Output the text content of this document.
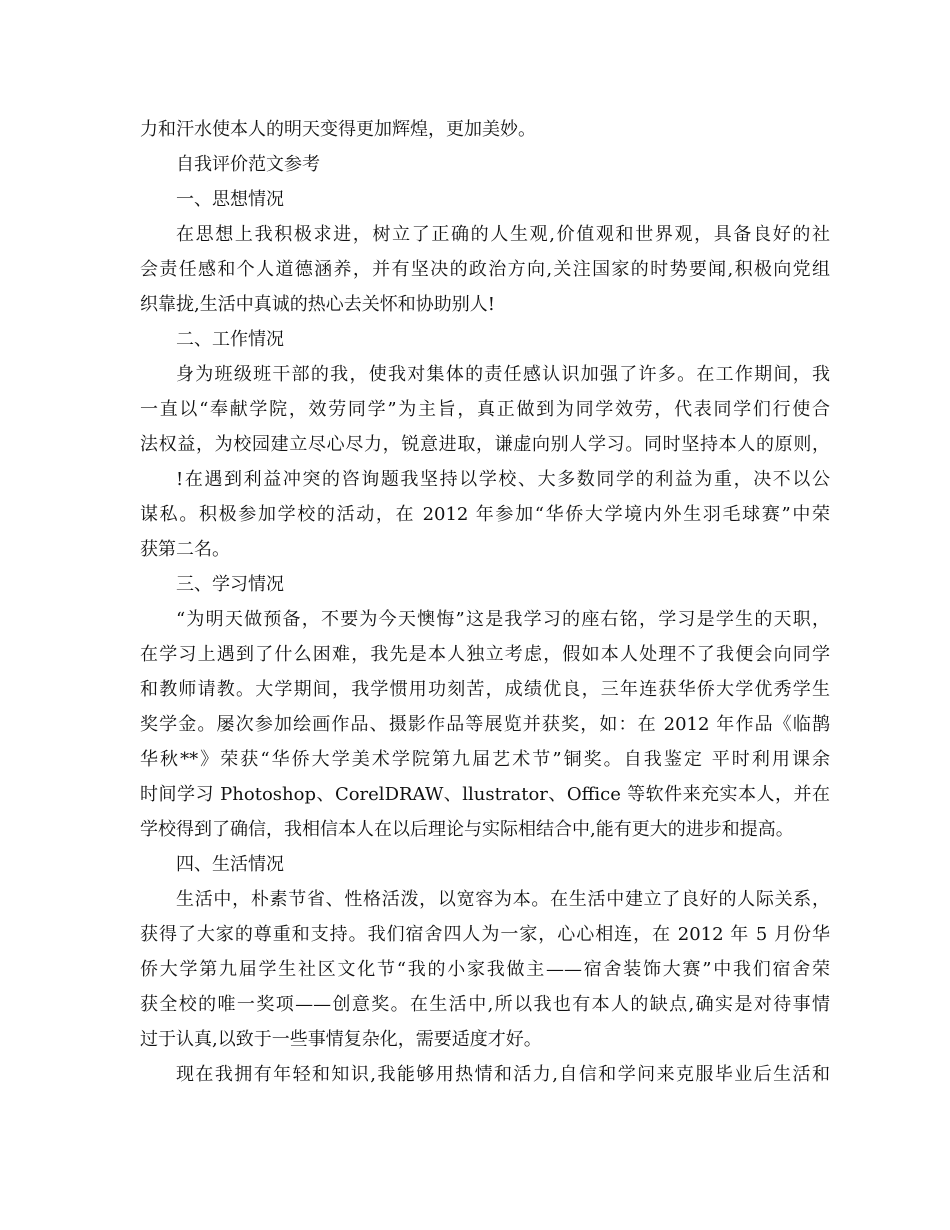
力和汗水使本人的明天变得更加辉煌，更加美妙。
自我评价范文参考
一、思想情况
在思想上我积极求进，树立了正确的人生观,价值观和世界观，具备良好的社
会责任感和个人道德涵养，并有坚决的政治方向,关注国家的时势要闻,积极向党组
织靠拢,生活中真诚的热心去关怀和协助别人!
二、工作情况
身为班级班干部的我，使我对集体的责任感认识加强了许多。在工作期间，我
一直以“奉献学院，效劳同学”为主旨，真正做到为同学效劳，代表同学们行使合
法权益，为校园建立尽心尽力，锐意进取，谦虚向别人学习。同时坚持本人的原则，
!在遇到利益冲突的咨询题我坚持以学校、大多数同学的利益为重，决不以公
谋私。积极参加学校的活动，在 2012 年参加“华侨大学境内外生羽毛球赛”中荣
获第二名。
三、学习情况
“为明天做预备，不要为今天懊悔”这是我学习的座右铭，学习是学生的天职，
在学习上遇到了什么困难，我先是本人独立考虑，假如本人处理不了我便会向同学
和教师请教。大学期间，我学惯用功刻苦，成绩优良，三年连获华侨大学优秀学生
奖学金。屡次参加绘画作品、摄影作品等展览并获奖，如：在 2012 年作品《临鹊
华秋**》荣获“华侨大学美术学院第九届艺术节”铜奖。自我鉴定 平时利用课余
时间学习 Photoshop、CorelDRAW、llustrator、Office 等软件来充实本人，并在
学校得到了确信，我相信本人在以后理论与实际相结合中,能有更大的进步和提高。
四、生活情况
生活中，朴素节省、性格活泼，以宽容为本。在生活中建立了良好的人际关系，
获得了大家的尊重和支持。我们宿舍四人为一家，心心相连，在 2012 年 5 月份华
侨大学第九届学生社区文化节“我的小家我做主——宿舍装饰大赛”中我们宿舍荣
获全校的唯一奖项——创意奖。在生活中,所以我也有本人的缺点,确实是对待事情
过于认真,以致于一些事情复杂化，需要适度才好。
现在我拥有年轻和知识,我能够用热情和活力,自信和学问来克服毕业后生活和
